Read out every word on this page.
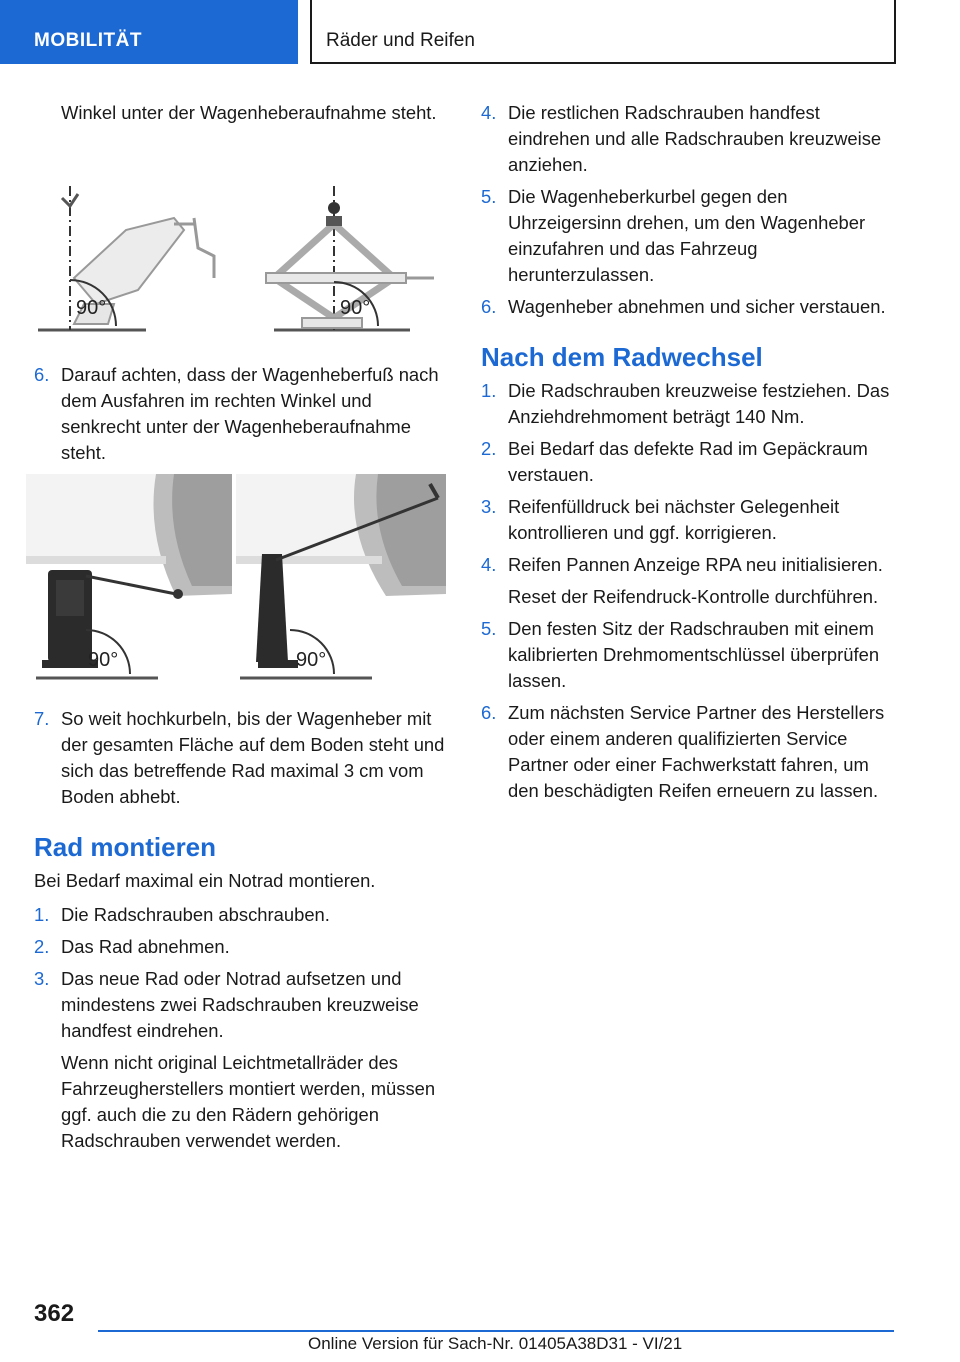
MOBILITÄT	Räder und Reifen

Winkel unter der Wagenheberaufnahme steht.

90°	90°
6. Darauf achten, dass der Wagenheberfuß nach dem Ausfahren im rechten Winkel und senkrecht unter der Wagenheberaufnahme steht.

90°	90°
7. So weit hochkurbeln, bis der Wagenheber mit der gesamten Fläche auf dem Boden steht und sich das betreffende Rad maximal 3 cm vom Boden abhebt.

Rad montieren

Bei Bedarf maximal ein Notrad montieren.

1. Die Radschrauben abschrauben.

2. Das Rad abnehmen.

3. Das neue Rad oder Notrad aufsetzen und mindestens zwei Radschrauben kreuzweise handfest eindrehen.

Wenn nicht original Leichtmetallräder des Fahrzeugherstellers montiert werden, müssen ggf. auch die zu den Rädern gehörigen Radschrauben verwendet werden.

4. Die restlichen Radschrauben handfest eindrehen und alle Radschrauben kreuzweise anziehen.

5. Die Wagenheberkurbel gegen den Uhrzeigersinn drehen, um den Wagenheber einzufahren und das Fahrzeug herunterzulassen.

6. Wagenheber abnehmen und sicher verstauen.

Nach dem Radwechsel
1. Die Radschrauben kreuzweise festziehen. Das Anziehdrehmoment beträgt 140 Nm.

2. Bei Bedarf das defekte Rad im Gepäckraum verstauen.

3. Reifenfülldruck bei nächster Gelegenheit kontrollieren und ggf. korrigieren.

4. Reifen Pannen Anzeige RPA neu initialisieren.

Reset der Reifendruck-Kontrolle durchführen.

5. Den festen Sitz der Radschrauben mit einem kalibrierten Drehmomentschlüssel überprüfen lassen.

6. Zum nächsten Service Partner des Herstellers oder einem anderen qualifizierten Service Partner oder einer Fachwerkstatt fahren, um den beschädigten Reifen erneuern zu lassen.

362
Online Version für Sach-Nr. 01405A38D31 - VI/21
